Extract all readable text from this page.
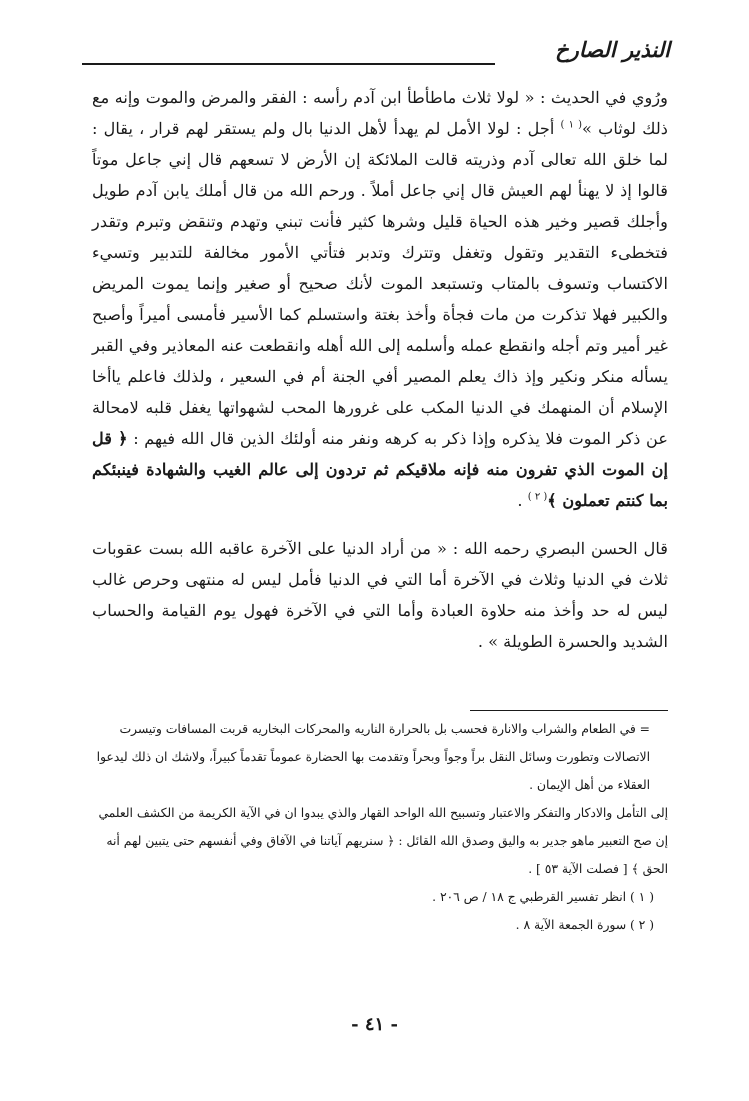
النذير الصارخ

ورُوي في الحديث : « لولا ثلاث ماطأطأ ابن آدم رأسه : الفقر والمرض والموت وإنه مع ذلك لوثاب »$^{( ١ )}$ أجل : لولا الأمل لم يهدأ لأهل الدنيا بال ولم يستقر لهم قرار ، يقال : لما خلق الله تعالى آدم وذريته قالت الملائكة إن الأرض لا تسعهم قال إني جاعل موتاً قالوا إذ لا يهنأ لهم العيش قال إني جاعل أملاً . ورحم الله من قال أملك يابن آدم طويل وأجلك قصير وخير هذه الحياة قليل وشرها كثير فأنت تبني وتهدم وتنقض وتبرم وتقدر فتخطىء التقدير وتقول وتغفل وتترك وتدبر فتأتي الأمور مخالفة للتدبير وتسيء الاكتساب وتسوف بالمتاب وتستبعد الموت لأنك صحيح أو صغير وإنما يموت المريض والكبير فهلا تذكرت من مات فجأة وأخذ بغتة واستسلم كما الأسير فأمسى أميراً وأصبح غير أمير وتم أجله وانقطع عمله وأسلمه إلى الله أهله وانقطعت عنه المعاذير وفي القبر يسأله منكر ونكير وإذ ذاك يعلم المصير أفي الجنة أم في السعير ، ولذلك فاعلم ياأخا الإسلام أن المنهمك في الدنيا المكب على غرورها المحب لشهواتها يغفل قلبه لامحالة عن ذكر الموت فلا يذكره وإذا ذكر به كرهه ونفر منه أولئك الذين قال الله فيهم : ﴿ قل إن الموت الذي تفرون منه فإنه ملاقيكم ثم تردون إلى عالم الغيب والشهادة فينبئكم بما كنتم تعملون ﴾$^{( ٢ )}$ .

قال الحسن البصري رحمه الله : « من أراد الدنيا على الآخرة عاقبه الله بست عقوبات ثلاث في الدنيا وثلاث في الآخرة أما التي في الدنيا فأمل ليس له منتهى وحرص غالب ليس له حد وأخذ منه حلاوة العبادة وأما التي في الآخرة فهول يوم القيامة والحساب الشديد والحسرة الطويلة » .

= في الطعام والشراب والانارة فحسب بل بالحرارة الناريه والمحركات البخاريه قربت المسافات وتيسرت الاتصالات وتطورت وسائل النقل براً وجواً وبحراً وتقدمت بها الحضارة عموماً تقدماً كبيراً، ولاشك ان ذلك ليدعوا العقلاء من أهل الإيمان .

إلى التأمل والادكار والتفكر والاعتبار وتسبيح الله الواحد القهار والذي يبدوا ان في الآية الكريمة من الكشف العلمي إن صح التعبير ماهو جدير به واليق وصدق الله القائل : ﴿ سنريهم آياتنا في الآفاق وفي أنفسهم حتى يتبين لهم أنه الحق ﴾ [ فصلت الآية ٥٣ ] .

( ١ ) انظر تفسير القرطبي ج ١٨ / ص ٢٠٦ .

( ٢ ) سورة الجمعة الآية ٨ .

- ٤١ -
